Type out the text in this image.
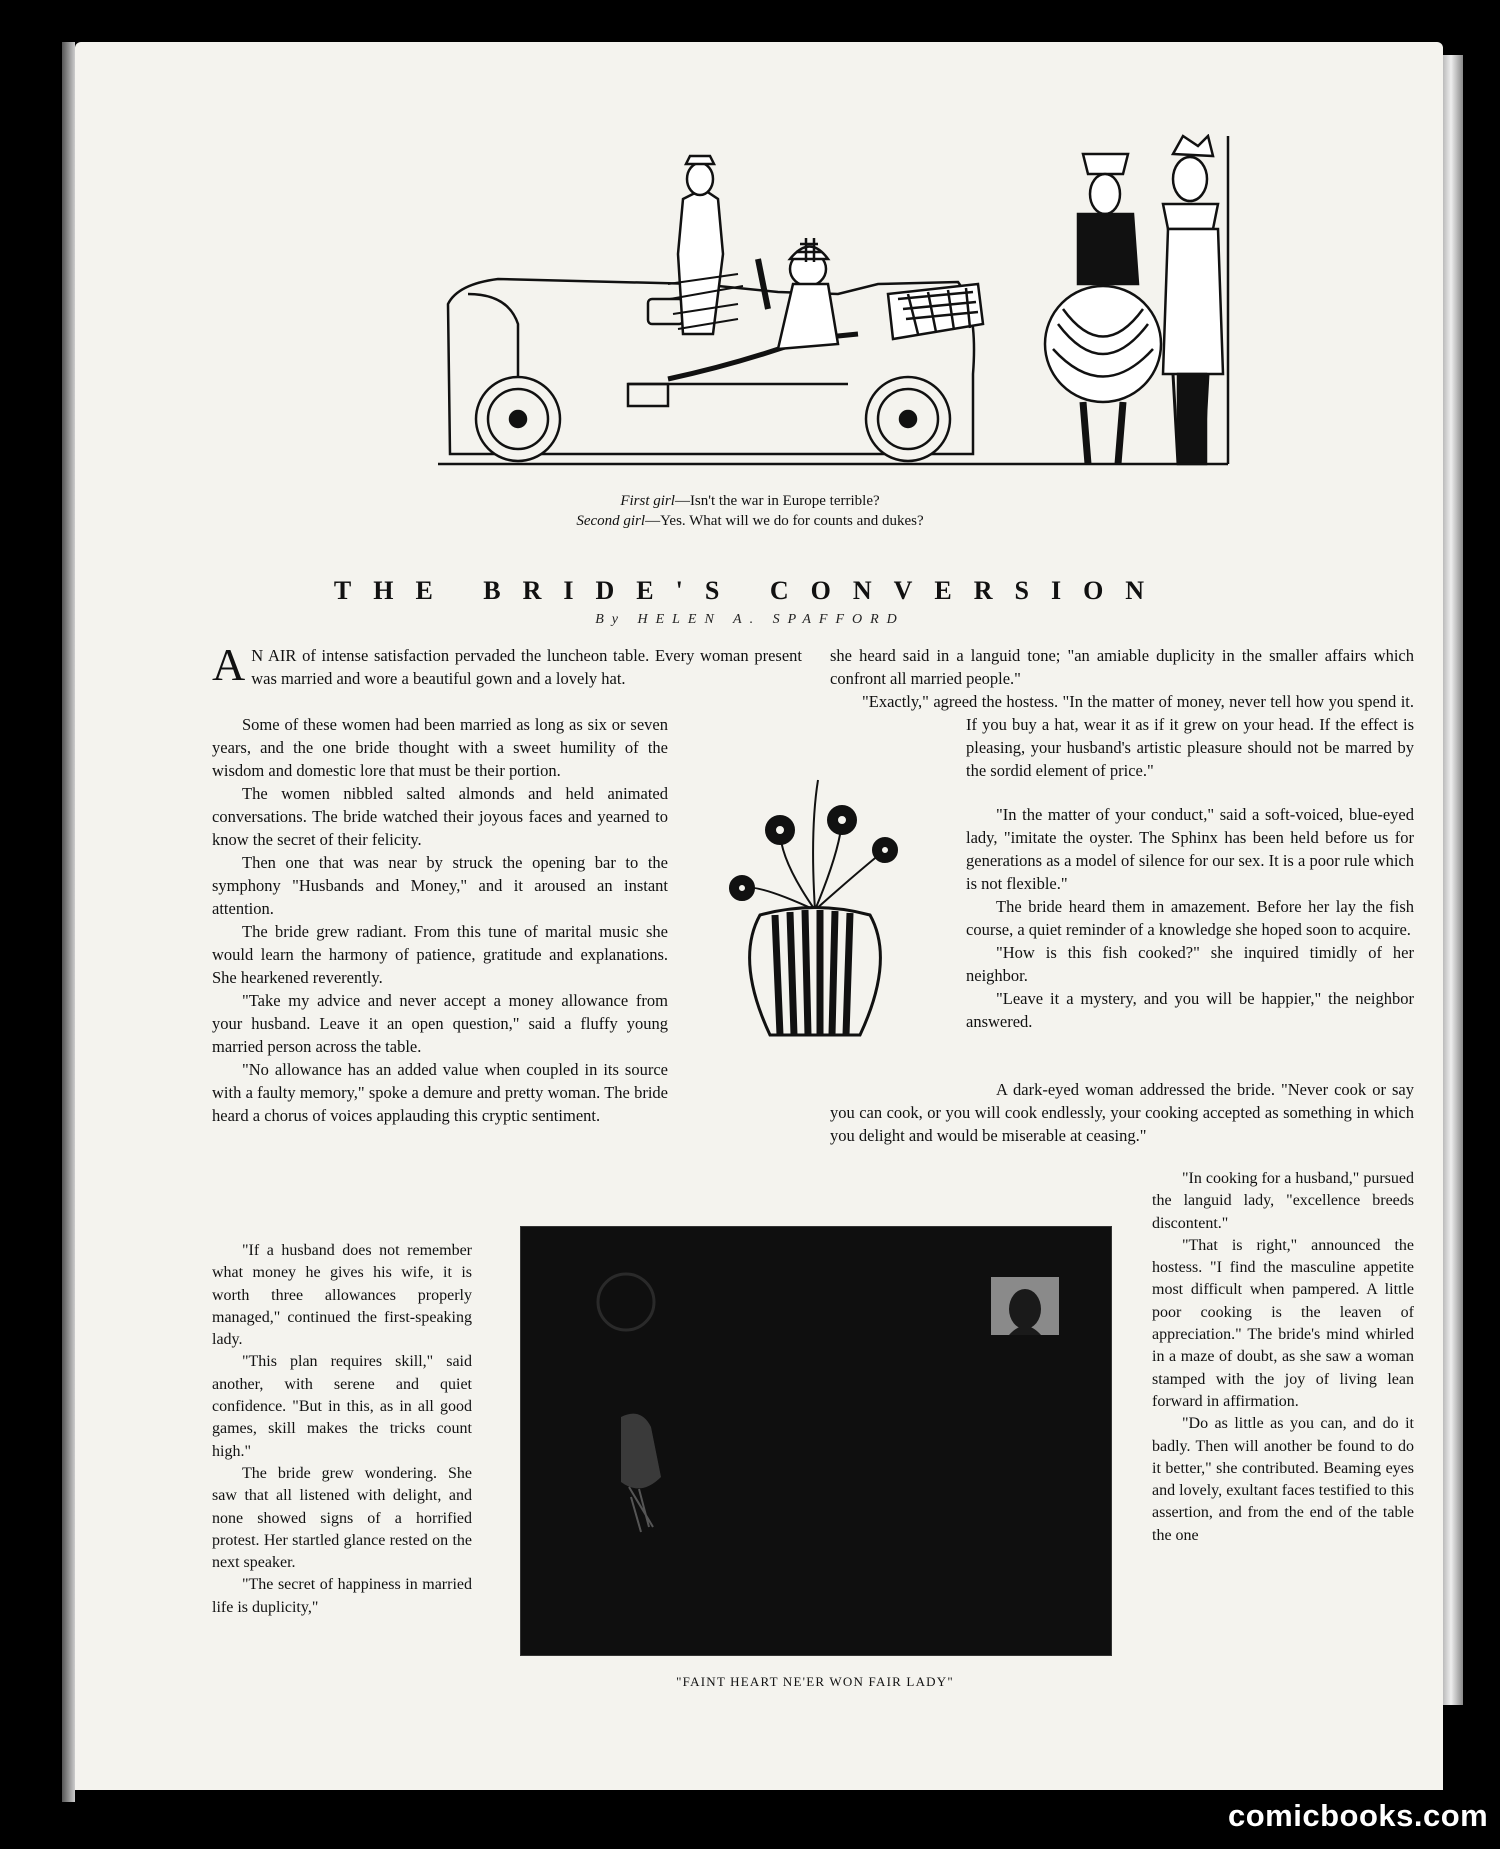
First girl—Isn't the war in Europe terrible?
Second girl—Yes. What will we do for counts and dukes?
THE BRIDE'S CONVERSION
By HELEN A. SPAFFORD

A N AIR of intense satisfaction pervaded the luncheon table. Every woman present was married and wore a beautiful gown and a lovely hat.

Some of these women had been married as long as six or seven years, and the one bride thought with a sweet humility of the wisdom and domestic lore that must be their portion.

The women nibbled salted almonds and held animated conversations. The bride watched their joyous faces and yearned to know the secret of their felicity.

Then one that was near by struck the opening bar to the symphony "Husbands and Money," and it aroused an instant attention.

The bride grew radiant. From this tune of marital music she would learn the harmony of patience, gratitude and explanations. She hearkened reverently.

"Take my advice and never accept a money allowance from your husband. Leave it an open question," said a fluffy young married person across the table.

"No allowance has an added value when coupled in its source with a faulty memory," spoke a demure and pretty woman. The bride heard a chorus of voices applauding this cryptic sentiment.

"If a husband does not remember what money he gives his wife, it is worth three allowances properly managed," continued the first-speaking lady.

"This plan requires skill," said another, with serene and quiet confidence. "But in this, as in all good games, skill makes the tricks count high."

The bride grew wondering. She saw that all listened with delight, and none showed signs of a horrified protest. Her startled glance rested on the next speaker.

"The secret of happiness in married life is duplicity,"

she heard said in a languid tone; "an amiable duplicity in the smaller affairs which confront all married people."

"Exactly," agreed the hostess. "In the matter of money, never tell how you spend it. If you buy a hat, wear it as if it grew on your head. If the effect is pleasing, your husband's artistic pleasure should not be marred by the sordid element of price."

"In the matter of your conduct," said a soft-voiced, blue-eyed lady, "imitate the oyster. The Sphinx has been held before us for generations as a model of silence for our sex. It is a poor rule which is not flexible."

The bride heard them in amazement. Before her lay the fish course, a quiet reminder of a knowledge she hoped soon to acquire.

"How is this fish cooked?" she inquired timidly of her neighbor.

"Leave it a mystery, and you will be happier," the neighbor answered.

A dark-eyed woman addressed the bride. "Never cook or say you can cook, or you will cook endlessly, your cooking accepted as something in which you delight and would be miserable at ceasing."

"In cooking for a husband," pursued the languid lady, "excellence breeds discontent."

"That is right," announced the hostess. "I find the masculine appetite most difficult when pampered. A little poor cooking is the leaven of appreciation." The bride's mind whirled in a maze of doubt, as she saw a woman stamped with the joy of living lean forward in affirmation.

"Do as little as you can, and do it badly. Then will another be found to do it better," she contributed. Beaming eyes and lovely, exultant faces testified to this assertion, and from the end of the table the one

"FAINT HEART NE'ER WON FAIR LADY"
comicbooks.com
